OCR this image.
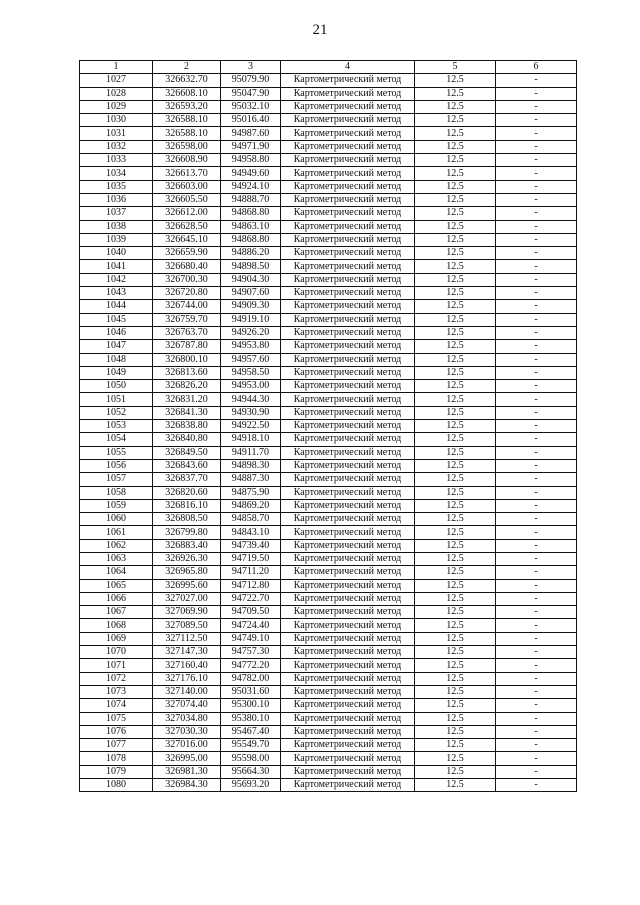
21
1	2	3	4	5	6
1027	326632.70	95079.90	Картометрический метод	12.5	-
1028	326608.10	95047.90	Картометрический метод	12.5	-
1029	326593.20	95032.10	Картометрический метод	12.5	-
1030	326588.10	95016.40	Картометрический метод	12.5	-
1031	326588.10	94987.60	Картометрический метод	12.5	-
1032	326598.00	94971.90	Картометрический метод	12.5	-
1033	326608.90	94958.80	Картометрический метод	12.5	-
1034	326613.70	94949.60	Картометрический метод	12.5	-
1035	326603.00	94924.10	Картометрический метод	12.5	-
1036	326605.50	94888.70	Картометрический метод	12.5	-
1037	326612.00	94868.80	Картометрический метод	12.5	-
1038	326628.50	94863.10	Картометрический метод	12.5	-
1039	326645.10	94868.80	Картометрический метод	12.5	-
1040	326659.90	94886.20	Картометрический метод	12.5	-
1041	326680.40	94898.50	Картометрический метод	12.5	-
1042	326700.30	94904.30	Картометрический метод	12.5	-
1043	326720.80	94907.60	Картометрический метод	12.5	-
1044	326744.00	94909.30	Картометрический метод	12.5	-
1045	326759.70	94919.10	Картометрический метод	12.5	-
1046	326763.70	94926.20	Картометрический метод	12.5	-
1047	326787.80	94953.80	Картометрический метод	12.5	-
1048	326800.10	94957.60	Картометрический метод	12.5	-
1049	326813.60	94958.50	Картометрический метод	12.5	-
1050	326826.20	94953.00	Картометрический метод	12.5	-
1051	326831.20	94944.30	Картометрический метод	12.5	-
1052	326841.30	94930.90	Картометрический метод	12.5	-
1053	326838.80	94922.50	Картометрический метод	12.5	-
1054	326840.80	94918.10	Картометрический метод	12.5	-
1055	326849.50	94911.70	Картометрический метод	12.5	-
1056	326843.60	94898.30	Картометрический метод	12.5	-
1057	326837.70	94887.30	Картометрический метод	12.5	-
1058	326820.60	94875.90	Картометрический метод	12.5	-
1059	326816.10	94869.20	Картометрический метод	12.5	-
1060	326808.50	94858.70	Картометрический метод	12.5	-
1061	326799.80	94843.10	Картометрический метод	12.5	-
1062	326883.40	94739.40	Картометрический метод	12.5	-
1063	326926.30	94719.50	Картометрический метод	12.5	-
1064	326965.80	94711.20	Картометрический метод	12.5	-
1065	326995.60	94712.80	Картометрический метод	12.5	-
1066	327027.00	94722.70	Картометрический метод	12.5	-
1067	327069.90	94709.50	Картометрический метод	12.5	-
1068	327089.50	94724.40	Картометрический метод	12.5	-
1069	327112.50	94749.10	Картометрический метод	12.5	-
1070	327147.30	94757.30	Картометрический метод	12.5	-
1071	327160.40	94772.20	Картометрический метод	12.5	-
1072	327176.10	94782.00	Картометрический метод	12.5	-
1073	327140.00	95031.60	Картометрический метод	12.5	-
1074	327074.40	95300.10	Картометрический метод	12.5	-
1075	327034.80	95380.10	Картометрический метод	12.5	-
1076	327030.30	95467.40	Картометрический метод	12.5	-
1077	327016.00	95549.70	Картометрический метод	12.5	-
1078	326995.00	95598.00	Картометрический метод	12.5	-
1079	326981.30	95664.30	Картометрический метод	12.5	-
1080	326984.30	95693.20	Картометрический метод	12.5	-
